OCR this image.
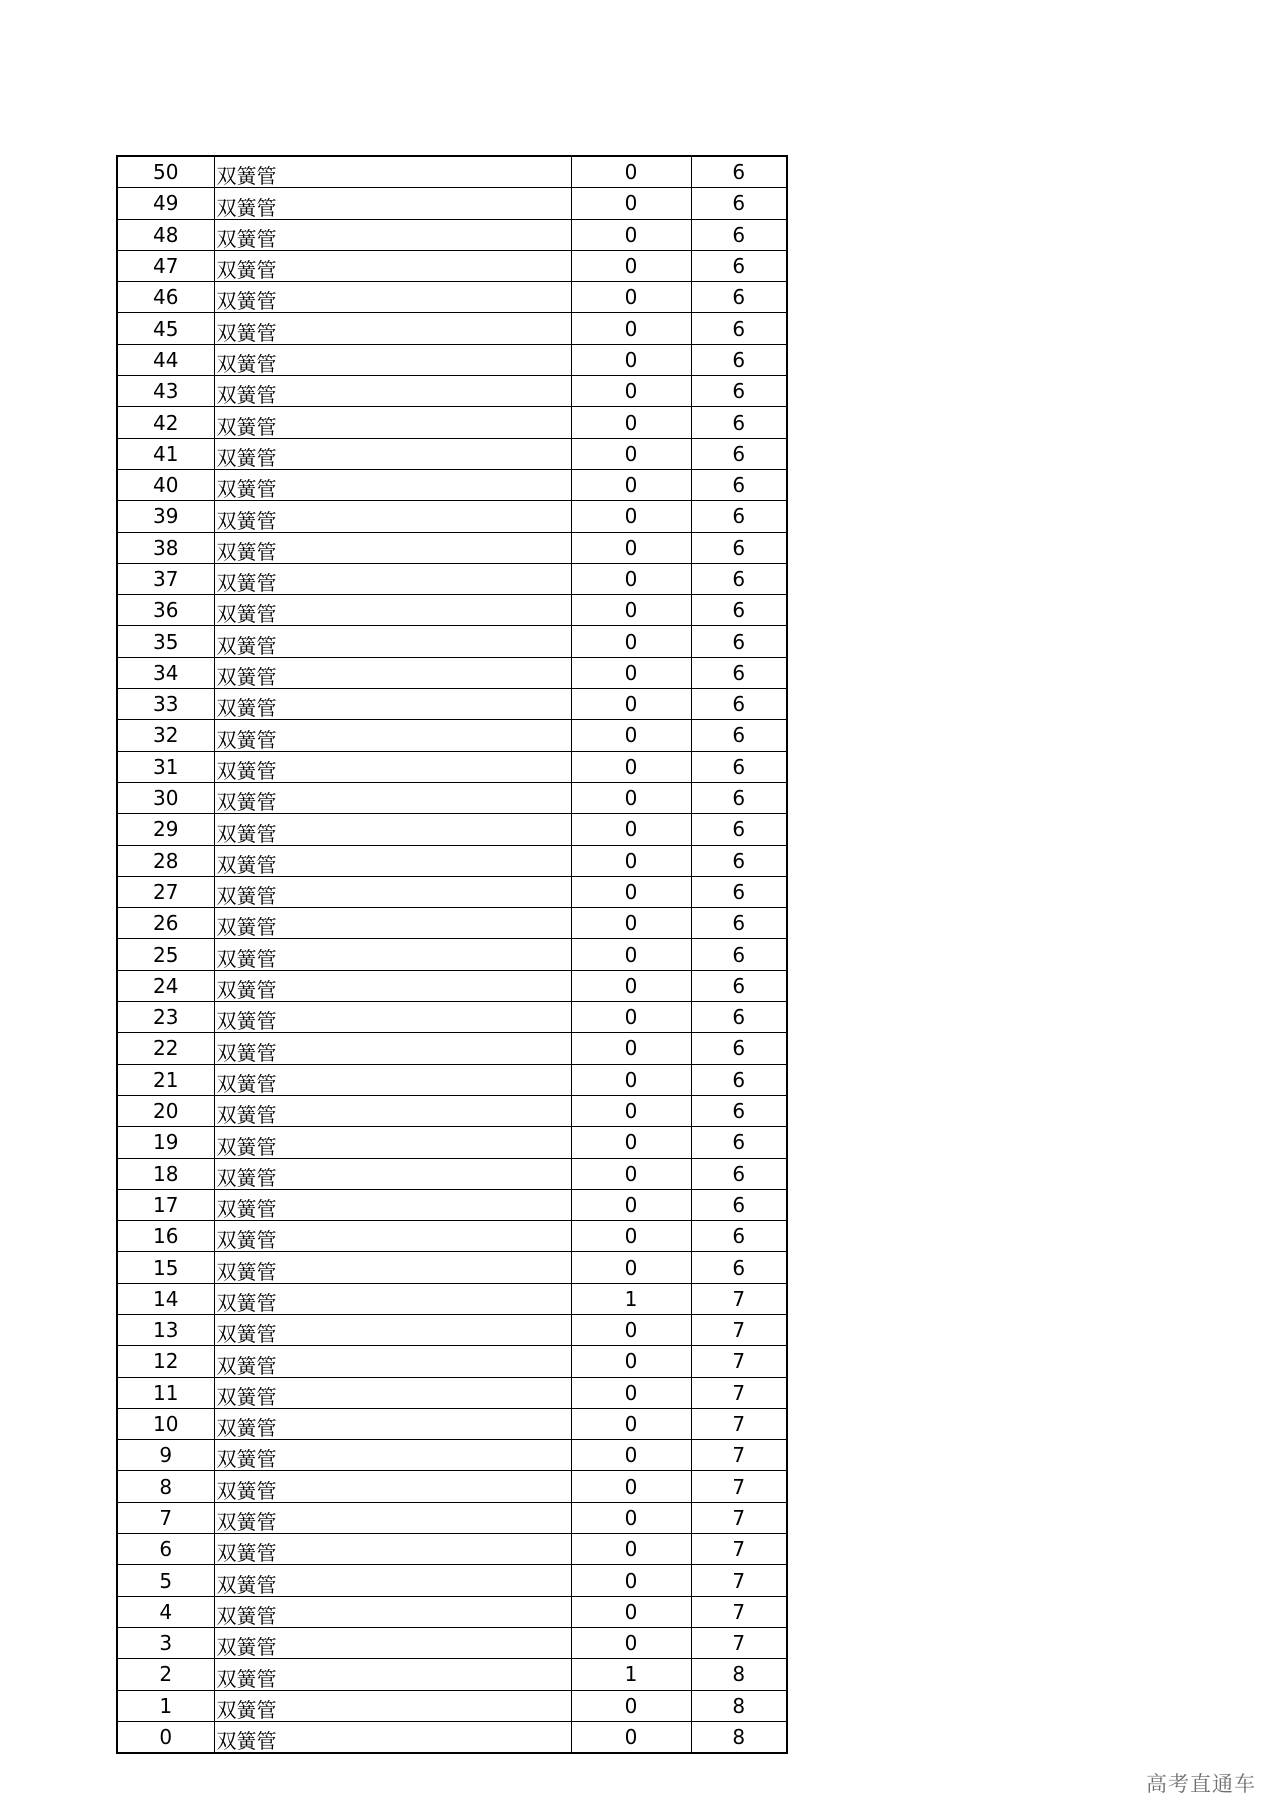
50	双簧管	0	6
49	双簧管	0	6
48	双簧管	0	6
47	双簧管	0	6
46	双簧管	0	6
45	双簧管	0	6
44	双簧管	0	6
43	双簧管	0	6
42	双簧管	0	6
41	双簧管	0	6
40	双簧管	0	6
39	双簧管	0	6
38	双簧管	0	6
37	双簧管	0	6
36	双簧管	0	6
35	双簧管	0	6
34	双簧管	0	6
33	双簧管	0	6
32	双簧管	0	6
31	双簧管	0	6
30	双簧管	0	6
29	双簧管	0	6
28	双簧管	0	6
27	双簧管	0	6
26	双簧管	0	6
25	双簧管	0	6
24	双簧管	0	6
23	双簧管	0	6
22	双簧管	0	6
21	双簧管	0	6
20	双簧管	0	6
19	双簧管	0	6
18	双簧管	0	6
17	双簧管	0	6
16	双簧管	0	6
15	双簧管	0	6
14	双簧管	1	7
13	双簧管	0	7
12	双簧管	0	7
11	双簧管	0	7
10	双簧管	0	7
9	双簧管	0	7
8	双簧管	0	7
7	双簧管	0	7
6	双簧管	0	7
5	双簧管	0	7
4	双簧管	0	7
3	双簧管	0	7
2	双簧管	1	8
1	双簧管	0	8
0	双簧管	0	8
高考直通车
